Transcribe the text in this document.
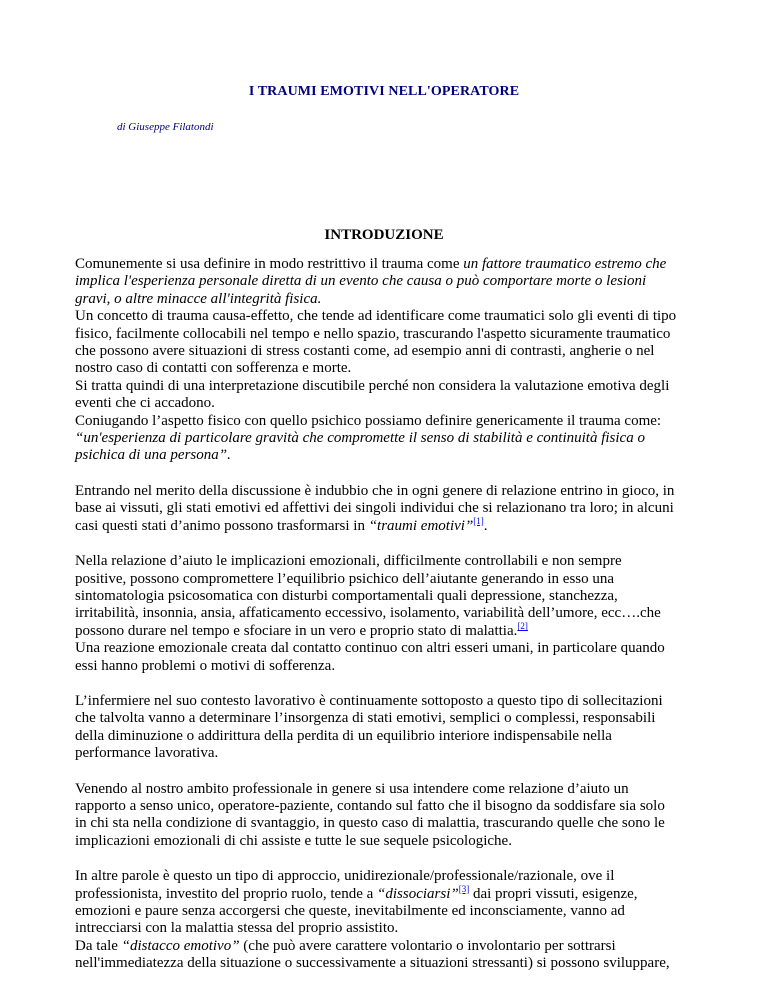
I TRAUMI EMOTIVI NELL'OPERATORE
di Giuseppe Filatondi
INTRODUZIONE
Comunemente si usa definire in modo restrittivo il trauma come un fattore traumatico estremo che
implica l'esperienza personale diretta di un evento che causa o può comportare morte o lesioni
gravi, o altre minacce all'integrità fisica.
Un concetto di trauma causa-effetto, che tende ad identificare come traumatici solo gli eventi di tipo
fisico, facilmente collocabili nel tempo e nello spazio, trascurando l'aspetto sicuramente traumatico
che possono avere situazioni di stress costanti come, ad esempio anni di contrasti, angherie o nel
nostro caso di contatti con sofferenza e morte.
Si tratta quindi di una interpretazione discutibile perché non considera la valutazione emotiva degli
eventi che ci accadono.
Coniugando l’aspetto fisico con quello psichico possiamo definire genericamente il trauma come:
“un'esperienza di particolare gravità che compromette il senso di stabilità e continuità fisica o
psichica di una persona”.
Entrando nel merito della discussione è indubbio che in ogni genere di relazione entrino in gioco, in
base ai vissuti, gli stati emotivi ed affettivi dei singoli individui che si relazionano tra loro; in alcuni
casi questi stati d’animo possono trasformarsi in “traumi emotivi”[1].
Nella relazione d’aiuto le implicazioni emozionali, difficilmente controllabili e non sempre
positive, possono compromettere l’equilibrio psichico dell’aiutante generando in esso una
sintomatologia psicosomatica con disturbi comportamentali quali depressione, stanchezza,
irritabilità, insonnia, ansia, affaticamento eccessivo, isolamento, variabilità dell’umore, ecc….che
possono durare nel tempo e sfociare in un vero e proprio stato di malattia.[2]
Una reazione emozionale creata dal contatto continuo con altri esseri umani, in particolare quando
essi hanno problemi o motivi di sofferenza.
L’infermiere nel suo contesto lavorativo è continuamente sottoposto a questo tipo di sollecitazioni
che talvolta vanno a determinare l’insorgenza di stati emotivi, semplici o complessi, responsabili
della diminuzione o addirittura della perdita di un equilibrio interiore indispensabile nella
performance lavorativa.
Venendo al nostro ambito professionale in genere si usa intendere come relazione d’aiuto un
rapporto a senso unico, operatore-paziente, contando sul fatto che il bisogno da soddisfare sia solo
in chi sta nella condizione di svantaggio, in questo caso di malattia, trascurando quelle che sono le
implicazioni emozionali di chi assiste e tutte le sue sequele psicologiche.
In altre parole è questo un tipo di approccio, unidirezionale/professionale/razionale, ove il
professionista, investito del proprio ruolo, tende a “dissociarsi”[3] dai propri vissuti, esigenze,
emozioni e paure senza accorgersi che queste, inevitabilmente ed inconsciamente, vanno ad
intrecciarsi con la malattia stessa del proprio assistito.
Da tale “distacco emotivo” (che può avere carattere volontario o involontario per sottrarsi
nell'immediatezza della situazione o successivamente a situazioni stressanti) si possono sviluppare,
